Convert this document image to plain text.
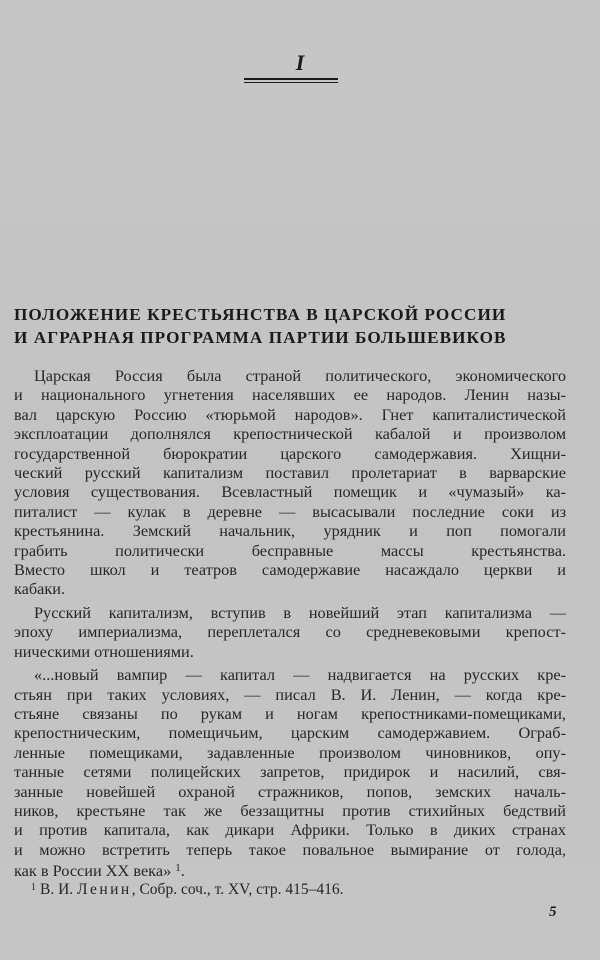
I
ПОЛОЖЕНИЕ КРЕСТЬЯНСТВА В ЦАРСКОЙ РОССИИ
И АГРАРНАЯ ПРОГРАММА ПАРТИИ БОЛЬШЕВИКОВ

Царская Россия была страной политического, экономического
и национального угнетения населявших ее народов. Ленин назы-
вал царскую Россию «тюрьмой народов». Гнет капиталистической
эксплоатации дополнялся крепостнической кабалой и произволом
государственной бюрократии царского самодержавия. Хищни-
ческий русский капитализм поставил пролетариат в варварские
условия существования. Всевластный помещик и «чумазый» ка-
питалист — кулак в деревне — высасывали последние соки из
крестьянина. Земский начальник, урядник и поп помогали
грабить политически бесправные массы крестьянства.
Вместо школ и театров самодержавие насаждало церкви и
кабаки.

Русский капитализм, вступив в новейший этап капитализма —
эпоху империализма, переплетался со средневековыми крепост-
ническими отношениями.

«...новый вампир — капитал — надвигается на русских кре-
стьян при таких условиях, — писал В. И. Ленин, — когда кре-
стьяне связаны по рукам и ногам крепостниками-помещиками,
крепостническим, помещичьим, царским самодержавием. Ограб-
ленные помещиками, задавленные произволом чиновников, опу-
танные сетями полицейских запретов, придирок и насилий, свя-
занные новейшей охраной стражников, попов, земских началь-
ников, крестьяне так же беззащитны против стихийных бедствий
и против капитала, как дикари Африки. Только в диких странах
и можно встретить теперь такое повальное вымирание от голода,
как в России XX века» $^1$.

$^1$ В. И. Ленин, Собр. соч., т. XV, стр. 415–416.
5
